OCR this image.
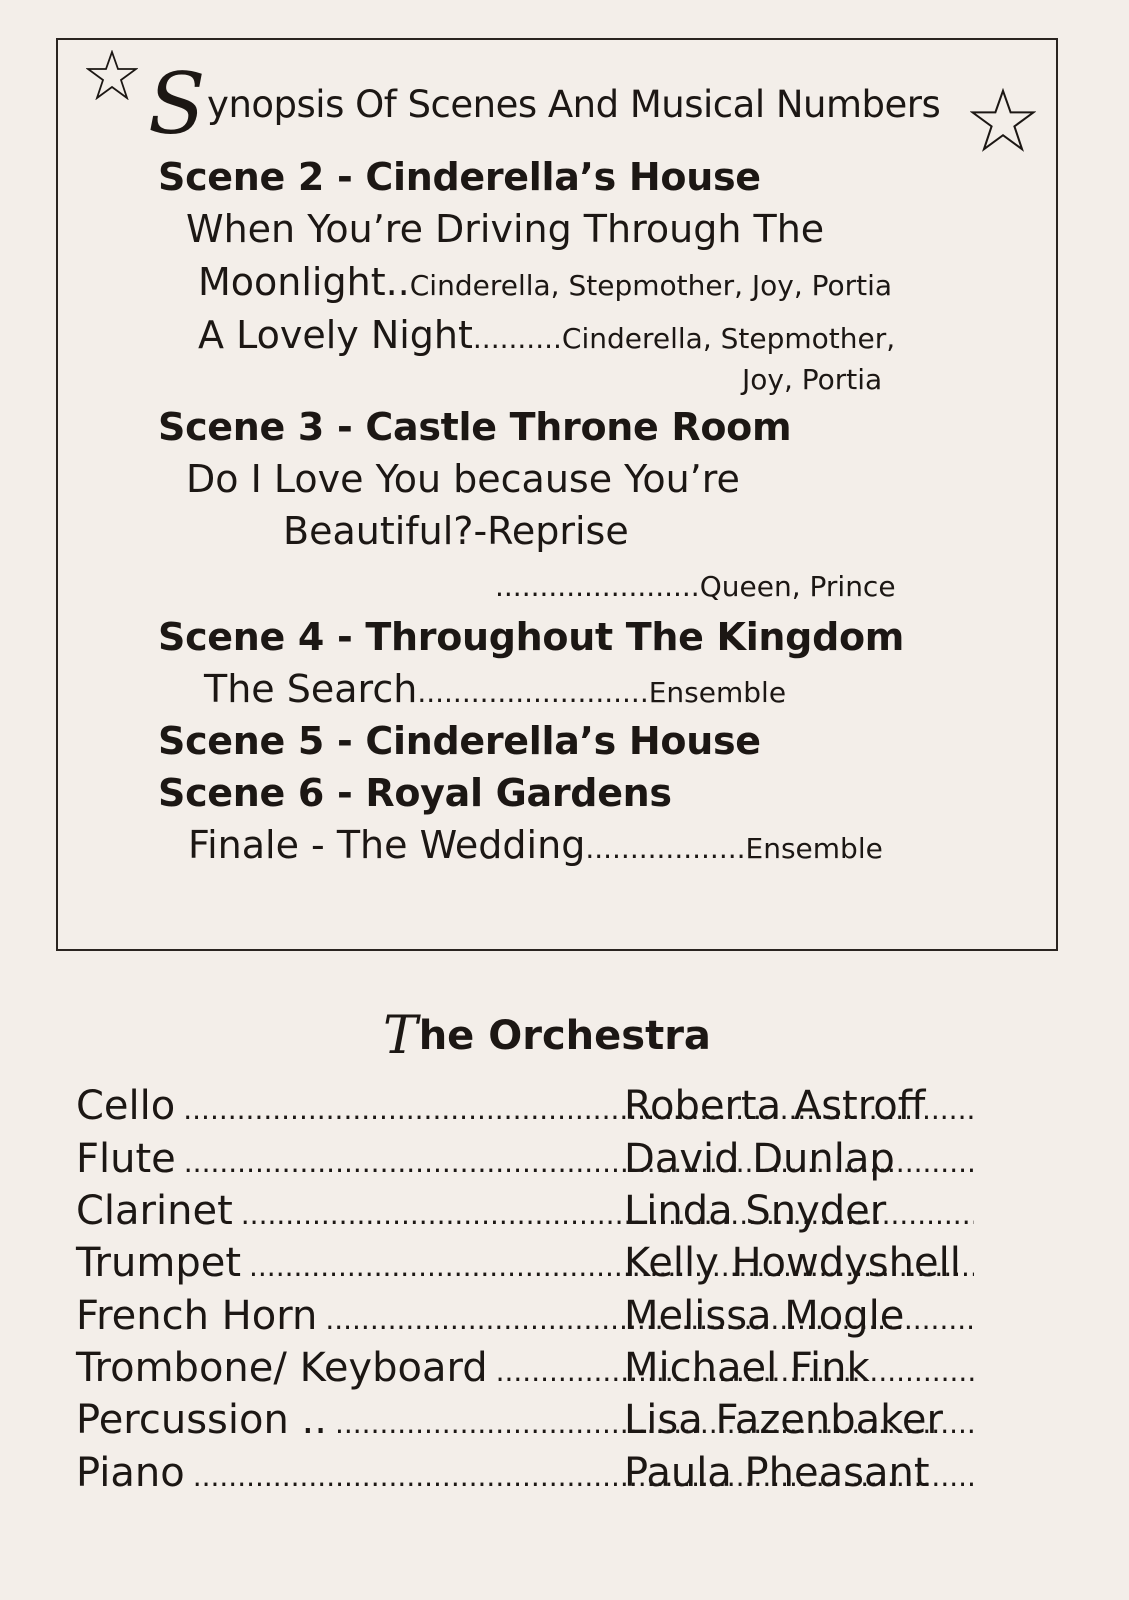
Synopsis Of Scenes And Musical Numbers
Scene 2 - Cinderella’s House
When You’re Driving Through The
Moonlight..Cinderella, Stepmother, Joy, Portia
A Lovely Night..........Cinderella, Stepmother,
Joy, Portia
Scene 3 - Castle Throne Room
Do I Love You because You’re
Beautiful?-Reprise
.......................Queen, Prince
Scene 4 - Throughout The Kingdom
The Search..........................Ensemble
Scene 5 - Cinderella’s House
Scene 6 - Royal Gardens
Finale - The Wedding..................Ensemble
The Orchestra
Cello .....	Roberta Astroff
Flute .....	David Dunlap
Clarinet .....	Linda Snyder
Trumpet .....	Kelly Howdyshell
French Horn .....	Melissa Mogle
Trombone/ Keyboard .....	Michael Fink
Percussion .. .....	Lisa Fazenbaker
Piano .....	Paula Pheasant
